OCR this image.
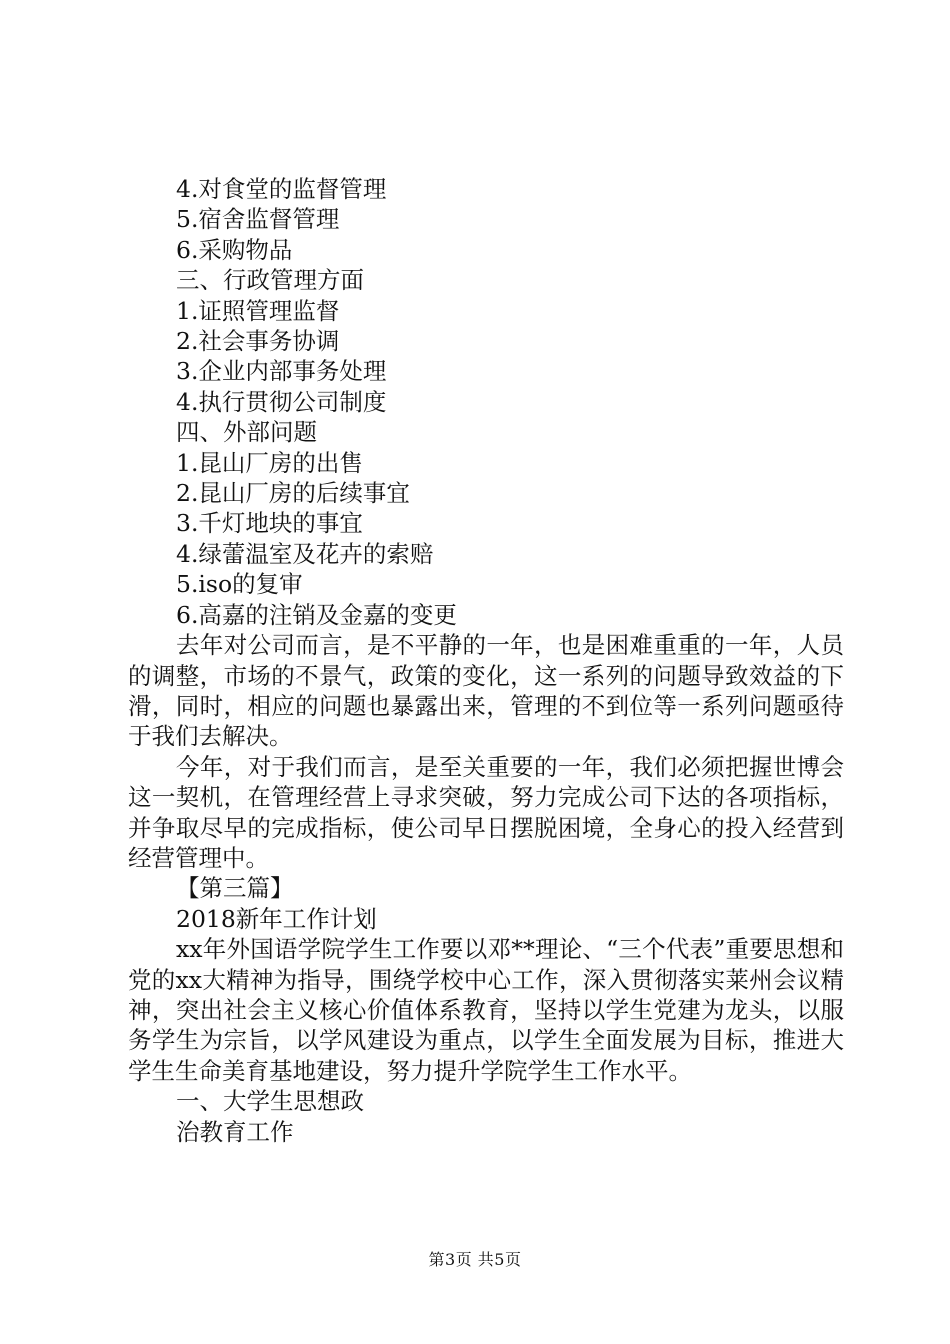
4.对食堂的监督管理
5.宿舍监督管理
6.采购物品
三、行政管理方面
1.证照管理监督
2.社会事务协调
3.企业内部事务处理
4.执行贯彻公司制度
四、外部问题
1.昆山厂房的出售
2.昆山厂房的后续事宜
3.千灯地块的事宜
4.绿蕾温室及花卉的索赔
5.iso的复审
6.高嘉的注销及金嘉的变更

去年对公司而言，是不平静的一年，也是困难重重的一年，人员的调整，市场的不景气，政策的变化，这一系列的问题导致效益的下滑，同时，相应的问题也暴露出来，管理的不到位等一系列问题亟待于我们去解决。

今年，对于我们而言，是至关重要的一年，我们必须把握世博会这一契机，在管理经营上寻求突破，努力完成公司下达的各项指标，并争取尽早的完成指标，使公司早日摆脱困境，全身心的投入经营到经营管理中。

【第三篇】
2018新年工作计划

xx年外国语学院学生工作要以邓**理论、“三个代表”重要思想和党的xx大精神为指导，围绕学校中心工作，深入贯彻落实莱州会议精神，突出社会主义核心价值体系教育，坚持以学生党建为龙头，以服务学生为宗旨，以学风建设为重点，以学生全面发展为目标，推进大学生生命美育基地建设，努力提升学院学生工作水平。

一、大学生思想政
治教育工作
第3页 共5页
